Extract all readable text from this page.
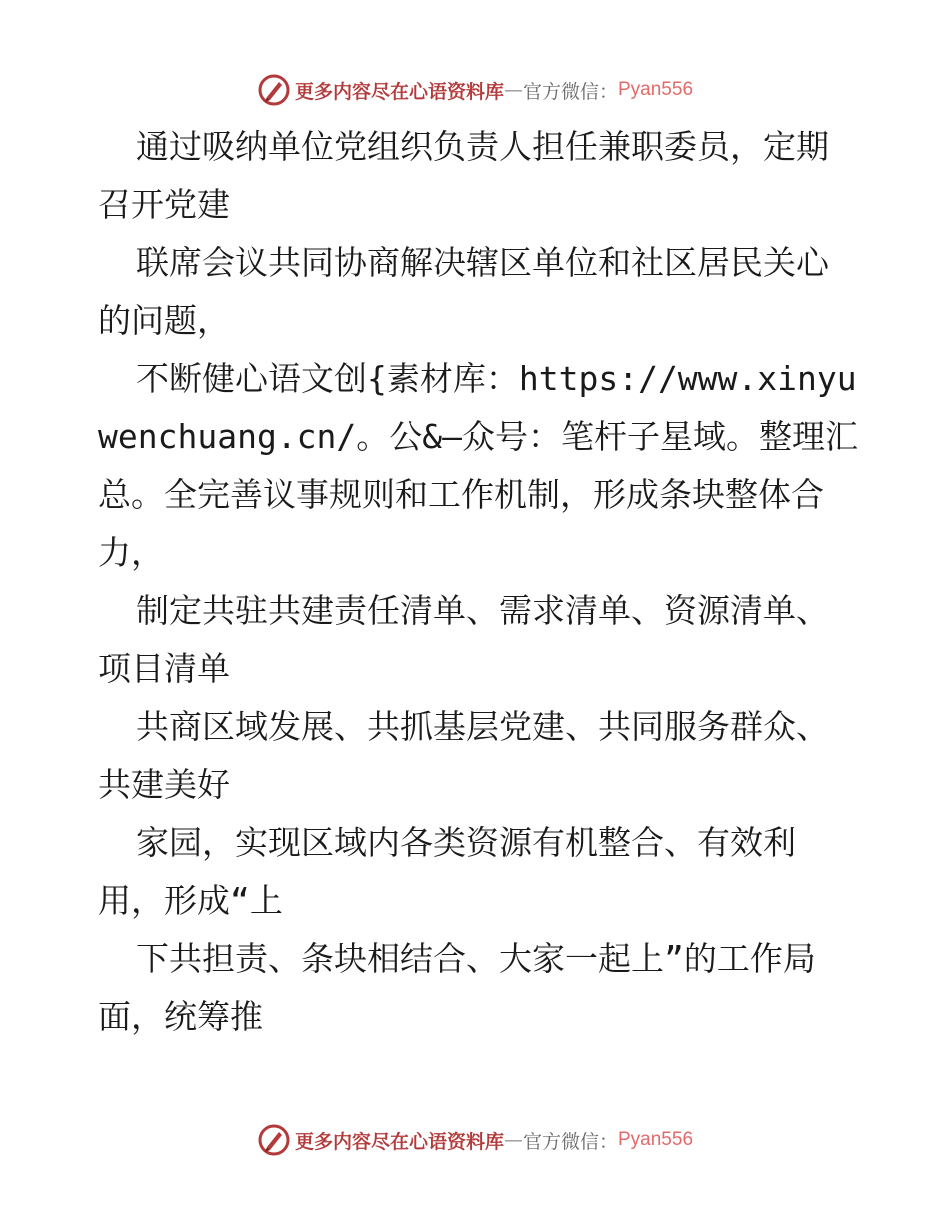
更多内容尽在心语资料库 — 官方微信： Pyan556

通过吸纳单位党组织负责人担任兼职委员，定期召开党建

联席会议共同协商解决辖区单位和社区居民关心的问题，

不断健心语文创{素材库：https://www.xinyuwenchuang.cn/。公&—众号：笔杆子星域。整理汇总。全完善议事规则和工作机制，形成条块整体合力，

制定共驻共建责任清单、需求清单、资源清单、项目清单

共商区域发展、共抓基层党建、共同服务群众、共建美好

家园，实现区域内各类资源有机整合、有效利用，形成“上

下共担责、条块相结合、大家一起上”的工作局面，统筹推

更多内容尽在心语资料库 — 官方微信： Pyan556
